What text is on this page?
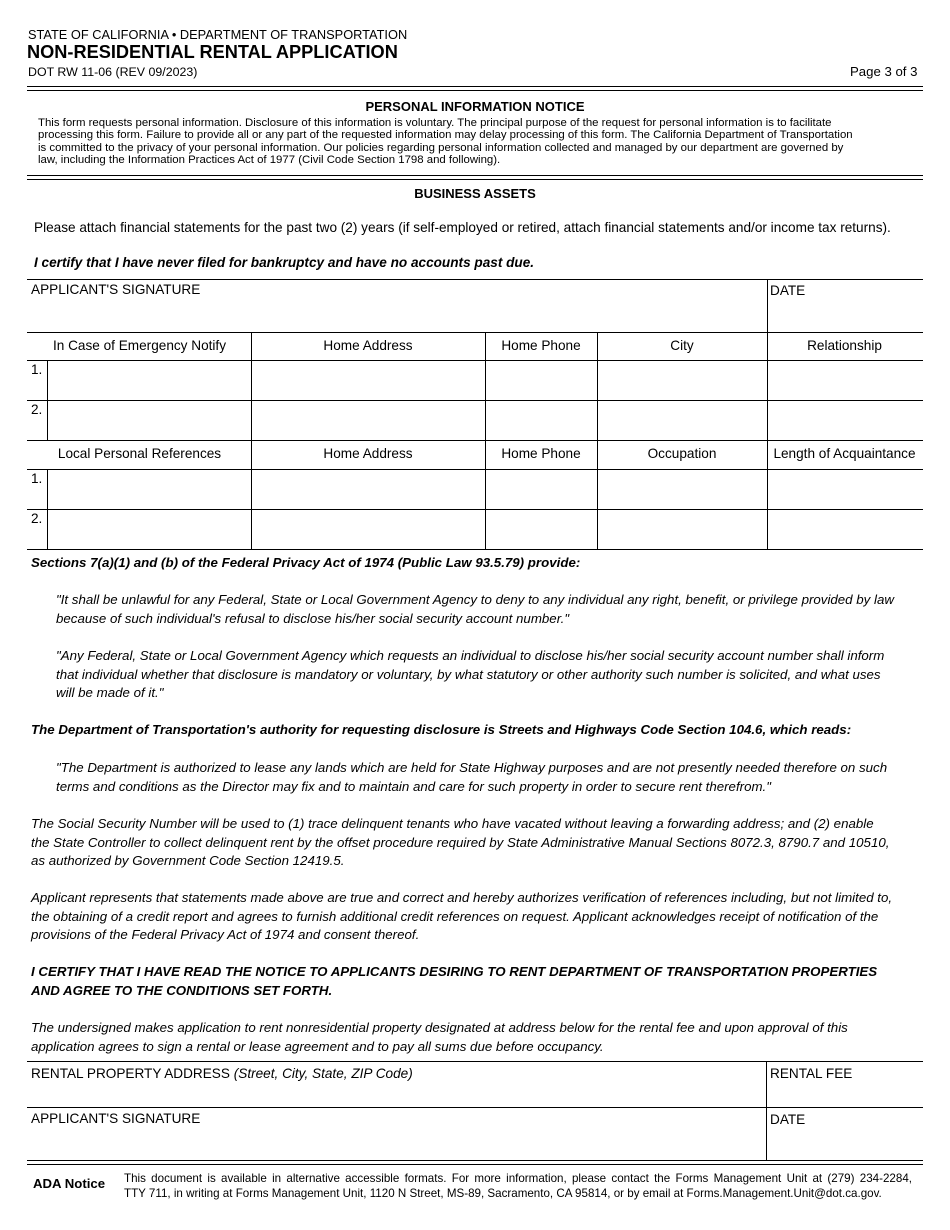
STATE OF CALIFORNIA • DEPARTMENT OF TRANSPORTATION
NON-RESIDENTIAL RENTAL APPLICATION
DOT RW 11-06 (REV 09/2023)	Page 3 of 3
PERSONAL INFORMATION NOTICE
This form requests personal information. Disclosure of this information is voluntary. The principal purpose of the request for personal information is to facilitate
processing this form. Failure to provide all or any part of the requested information may delay processing of this form. The California Department of Transportation
is committed to the privacy of your personal information. Our policies regarding personal information collected and managed by our department are governed by
law, including the Information Practices Act of 1977 (Civil Code Section 1798 and following).
BUSINESS ASSETS
Please attach financial statements for the past two (2) years (if self-employed or retired, attach financial statements and/or income tax returns).
I certify that I have never filed for bankruptcy and have no accounts past due.
APPLICANT'S SIGNATURE	DATE
In Case of Emergency Notify	Home Address	Home Phone	City	Relationship
1.
2.
Local Personal References	Home Address	Home Phone	Occupation	Length of Acquaintance
1.
2.
Sections 7(a)(1) and (b) of the Federal Privacy Act of 1974 (Public Law 93.5.79) provide:
"It shall be unlawful for any Federal, State or Local Government Agency to deny to any individual any right, benefit, or privilege provided by law
because of such individual's refusal to disclose his/her social security account number."
"Any Federal, State or Local Government Agency which requests an individual to disclose his/her social security account number shall inform
that individual whether that disclosure is mandatory or voluntary, by what statutory or other authority such number is solicited, and what uses
will be made of it."
The Department of Transportation's authority for requesting disclosure is Streets and Highways Code Section 104.6, which reads:
"The Department is authorized to lease any lands which are held for State Highway purposes and are not presently needed therefore on such
terms and conditions as the Director may fix and to maintain and care for such property in order to secure rent therefrom."
The Social Security Number will be used to (1) trace delinquent tenants who have vacated without leaving a forwarding address; and (2) enable
the State Controller to collect delinquent rent by the offset procedure required by State Administrative Manual Sections 8072.3, 8790.7 and 10510,
as authorized by Government Code Section 12419.5.
Applicant represents that statements made above are true and correct and hereby authorizes verification of references including, but not limited to,
the obtaining of a credit report and agrees to furnish additional credit references on request. Applicant acknowledges receipt of notification of the
provisions of the Federal Privacy Act of 1974 and consent thereof.
I CERTIFY THAT I HAVE READ THE NOTICE TO APPLICANTS DESIRING TO RENT DEPARTMENT OF TRANSPORTATION PROPERTIES
AND AGREE TO THE CONDITIONS SET FORTH.
The undersigned makes application to rent nonresidential property designated at address below for the rental fee and upon approval of this
application agrees to sign a rental or lease agreement and to pay all sums due before occupancy.
RENTAL PROPERTY ADDRESS (Street, City, State, ZIP Code)	RENTAL FEE
APPLICANT'S SIGNATURE	DATE
ADA Notice This document is available in alternative accessible formats. For more information, please contact the Forms Management Unit at (279) 234-2284,
TTY 711, in writing at Forms Management Unit, 1120 N Street, MS-89, Sacramento, CA 95814, or by email at Forms.Management.Unit@dot.ca.gov.
